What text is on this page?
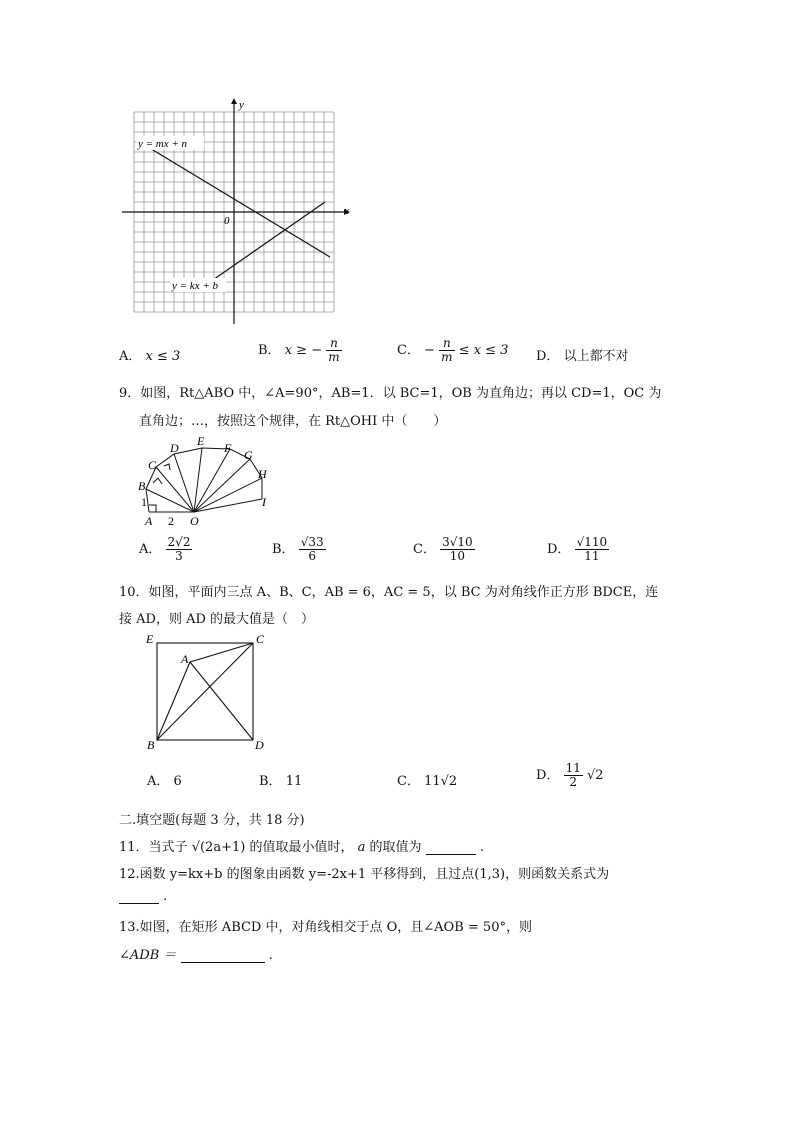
x
y
0
y = mx + n
y = kx + b
A． x ≤ 3	B． x ≥ − $\frac{n}{m}$	C． − $\frac{n}{m} \le x \le 3$ D． 以上都不对
9．如图，Rt△ABO 中，∠A=90°，AB=1．以 BC=1，OB 为直角边；再以 CD=1，OC 为
直角边；…，按照这个规律，在 Rt△OHI 中（　　）
A
B
C
D E F G
H
I
O
1
2
A． $\frac{2√2}{3}$	B． $\frac{√33}{6}$	C． $\frac{3√10}{10}$	D． $\frac{√110}{11}$
10．如图，平面内三点 A、B、C，AB = 6，AC = 5，以 BC 为对角线作正方形 BDCE，连
接 AD，则 AD 的最大值是（　）
E	C
A
B	D
A． 6	B． 11	C． 11√2	D． $\frac{11}{2} √2$
二.填空题(每题 3 分，共 18 分)
11．当式子 √(2a+1) 的值取最小值时， a 的取值为	.
12.函数 y=kx+b 的图象由函数 y=-2x+1 平移得到，且过点(1,3)，则函数关系式为
.
13.如图，在矩形 ABCD 中，对角线相交于点 O，且∠AOB = 50°，则
∠ADB ＝	.
